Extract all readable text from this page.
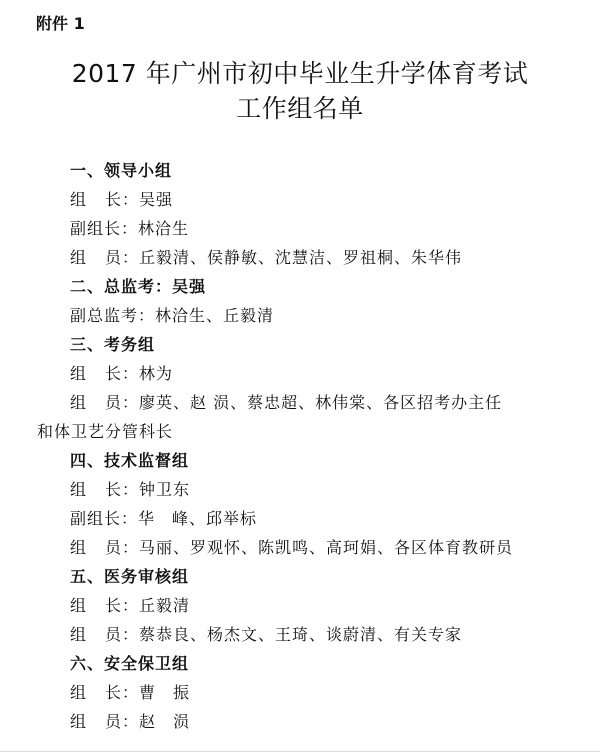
附件 1
2017 年广州市初中毕业生升学体育考试
工作组名单
一、领导小组
组 长：吴强
副组长：林洽生
组 员：丘毅清、侯静敏、沈慧洁、罗祖桐、朱华伟
二、总监考：吴强
副总监考：林洽生、丘毅清
三、考务组
组 长：林为
组 员：廖英、赵 涢、蔡忠超、林伟棠、各区招考办主任
和体卫艺分管科长
四、技术监督组
组 长：钟卫东
副组长：华　峰、邱举标
组 员：马丽、罗观怀、陈凯鸣、高珂娟、各区体育教研员
五、医务审核组
组 长：丘毅清
组 员：蔡恭良、杨杰文、王琦、谈蔚清、有关专家
六、安全保卫组
组 长：曹　振
组 员：赵　涢
